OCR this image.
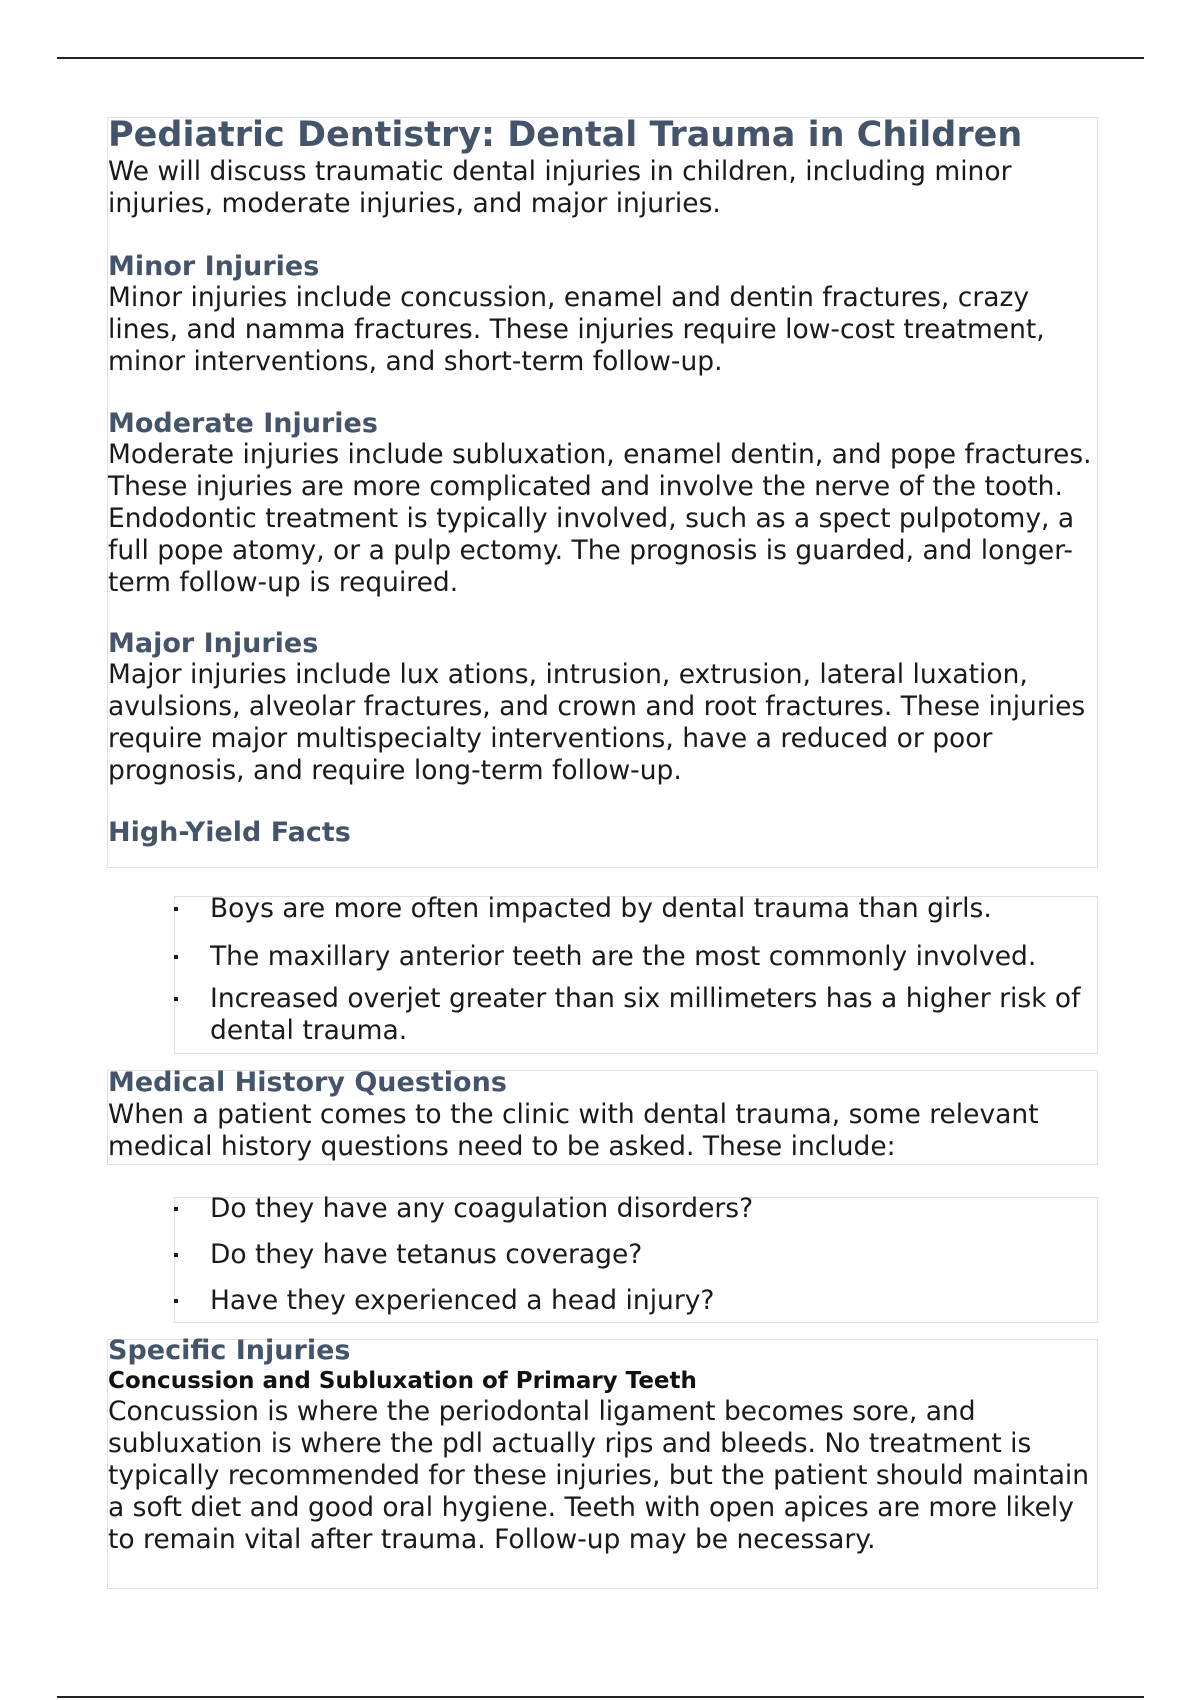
Pediatric Dentistry: Dental Trauma in Children

We will discuss traumatic dental injuries in children, including minor injuries, moderate injuries, and major injuries.

Minor Injuries

Minor injuries include concussion, enamel and dentin fractures, crazy lines, and namma fractures. These injuries require low-cost treatment, minor interventions, and short-term follow-up.

Moderate Injuries

Moderate injuries include subluxation, enamel dentin, and pope fractures. These injuries are more complicated and involve the nerve of the tooth. Endodontic treatment is typically involved, such as a spect pulpotomy, a full pope atomy, or a pulp ectomy. The prognosis is guarded, and longer-term follow-up is required.

Major Injuries

Major injuries include lux ations, intrusion, extrusion, lateral luxation, avulsions, alveolar fractures, and crown and root fractures. These injuries require major multispecialty interventions, have a reduced or poor prognosis, and require long-term follow-up.

High-Yield Facts
Boys are more often impacted by dental trauma than girls.
The maxillary anterior teeth are the most commonly involved.
Increased overjet greater than six millimeters has a higher risk of dental trauma.
Medical History Questions

When a patient comes to the clinic with dental trauma, some relevant medical history questions need to be asked. These include:

Do they have any coagulation disorders?
Do they have tetanus coverage?
Have they experienced a head injury?
Specific Injuries
Concussion and Subluxation of Primary Teeth

Concussion is where the periodontal ligament becomes sore, and subluxation is where the pdl actually rips and bleeds. No treatment is typically recommended for these injuries, but the patient should maintain a soft diet and good oral hygiene. Teeth with open apices are more likely to remain vital after trauma. Follow-up may be necessary.
